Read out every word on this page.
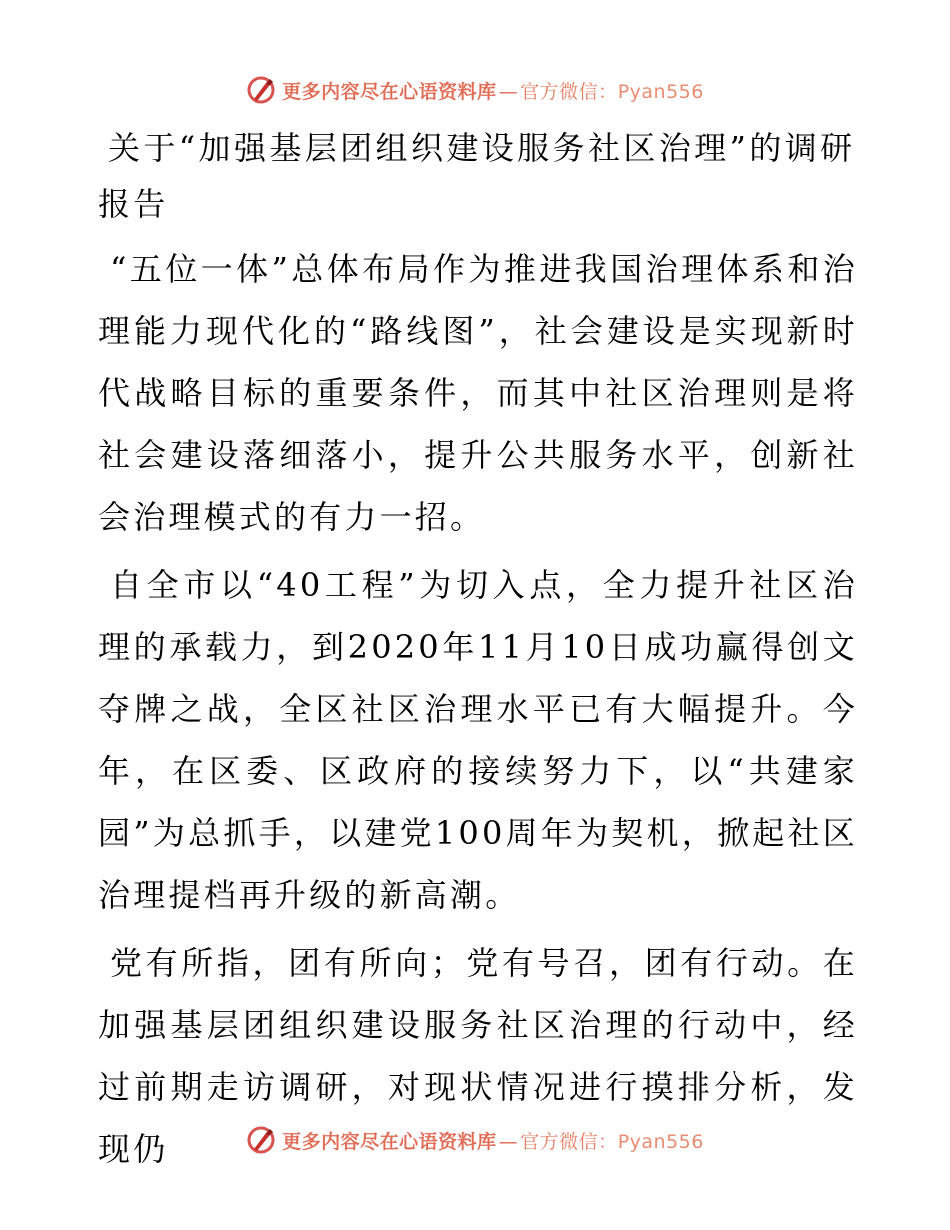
更多内容尽在心语资料库 — 官方微信：Pyan556
关于“加强基层团组织建设服务社区治理”的调研报告

“五位一体”总体布局作为推进我国治理体系和治理能力现代化的“路线图”，社会建设是实现新时代战略目标的重要条件，而其中社区治理则是将社会建设落细落小，提升公共服务水平，创新社会治理模式的有力一招。

自全市以“40工程”为切入点，全力提升社区治理的承载力，到2020年11月10日成功赢得创文夺牌之战，全区社区治理水平已有大幅提升。今年，在区委、区政府的接续努力下，以“共建家园”为总抓手，以建党100周年为契机，掀起社区治理提档再升级的新高潮。

党有所指，团有所向；党有号召，团有行动。在加强基层团组织建设服务社区治理的行动中，经过前期走访调研，对现状情况进行摸排分析，发现仍	更多内容尽在心语资料库 — 官方微信：Pyan556
